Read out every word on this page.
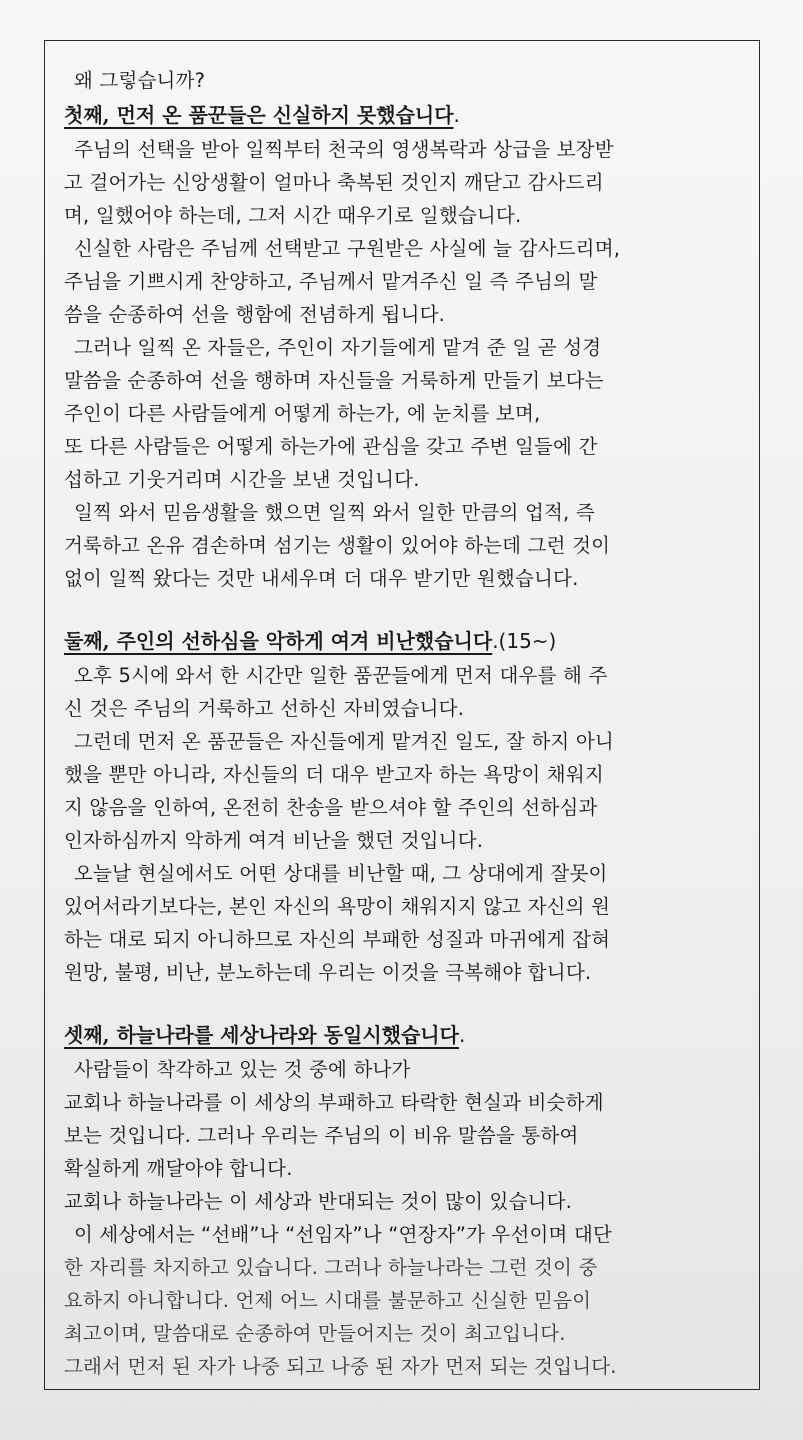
왜 그렇습니까?
첫째, 먼저 온 품꾼들은 신실하지 못했습니다.
주님의 선택을 받아 일찍부터 천국의 영생복락과 상급을 보장받
고 걸어가는 신앙생활이 얼마나 축복된 것인지 깨닫고 감사드리
며, 일했어야 하는데, 그저 시간 때우기로 일했습니다.
신실한 사람은 주님께 선택받고 구원받은 사실에 늘 감사드리며,
주님을 기쁘시게 찬양하고, 주님께서 맡겨주신 일 즉 주님의 말
씀을 순종하여 선을 행함에 전념하게 됩니다.
그러나 일찍 온 자들은, 주인이 자기들에게 맡겨 준 일 곧 성경
말씀을 순종하여 선을 행하며 자신들을 거룩하게 만들기 보다는
주인이 다른 사람들에게 어떻게 하는가, 에 눈치를 보며,
또 다른 사람들은 어떻게 하는가에 관심을 갖고 주변 일들에 간
섭하고 기웃거리며 시간을 보낸 것입니다.
일찍 와서 믿음생활을 했으면 일찍 와서 일한 만큼의 업적, 즉
거룩하고 온유 겸손하며 섬기는 생활이 있어야 하는데 그런 것이
없이 일찍 왔다는 것만 내세우며 더 대우 받기만 원했습니다.
둘째, 주인의 선하심을 악하게 여겨 비난했습니다.(15~)
오후 5시에 와서 한 시간만 일한 품꾼들에게 먼저 대우를 해 주
신 것은 주님의 거룩하고 선하신 자비였습니다.
그런데 먼저 온 품꾼들은 자신들에게 맡겨진 일도, 잘 하지 아니
했을 뿐만 아니라, 자신들의 더 대우 받고자 하는 욕망이 채워지
지 않음을 인하여, 온전히 찬송을 받으셔야 할 주인의 선하심과
인자하심까지 악하게 여겨 비난을 했던 것입니다.
오늘날 현실에서도 어떤 상대를 비난할 때, 그 상대에게 잘못이
있어서라기보다는, 본인 자신의 욕망이 채워지지 않고 자신의 원
하는 대로 되지 아니하므로 자신의 부패한 성질과 마귀에게 잡혀
원망, 불평, 비난, 분노하는데 우리는 이것을 극복해야 합니다.
셋째, 하늘나라를 세상나라와 동일시했습니다.
사람들이 착각하고 있는 것 중에 하나가
교회나 하늘나라를 이 세상의 부패하고 타락한 현실과 비슷하게
보는 것입니다. 그러나 우리는 주님의 이 비유 말씀을 통하여
확실하게 깨달아야 합니다.
교회나 하늘나라는 이 세상과 반대되는 것이 많이 있습니다.
이 세상에서는 “선배”나 “선임자”나 “연장자”가 우선이며 대단
한 자리를 차지하고 있습니다. 그러나 하늘나라는 그런 것이 중
요하지 아니합니다. 언제 어느 시대를 불문하고 신실한 믿음이
최고이며, 말씀대로 순종하여 만들어지는 것이 최고입니다.
그래서 먼저 된 자가 나중 되고 나중 된 자가 먼저 되는 것입니다.
